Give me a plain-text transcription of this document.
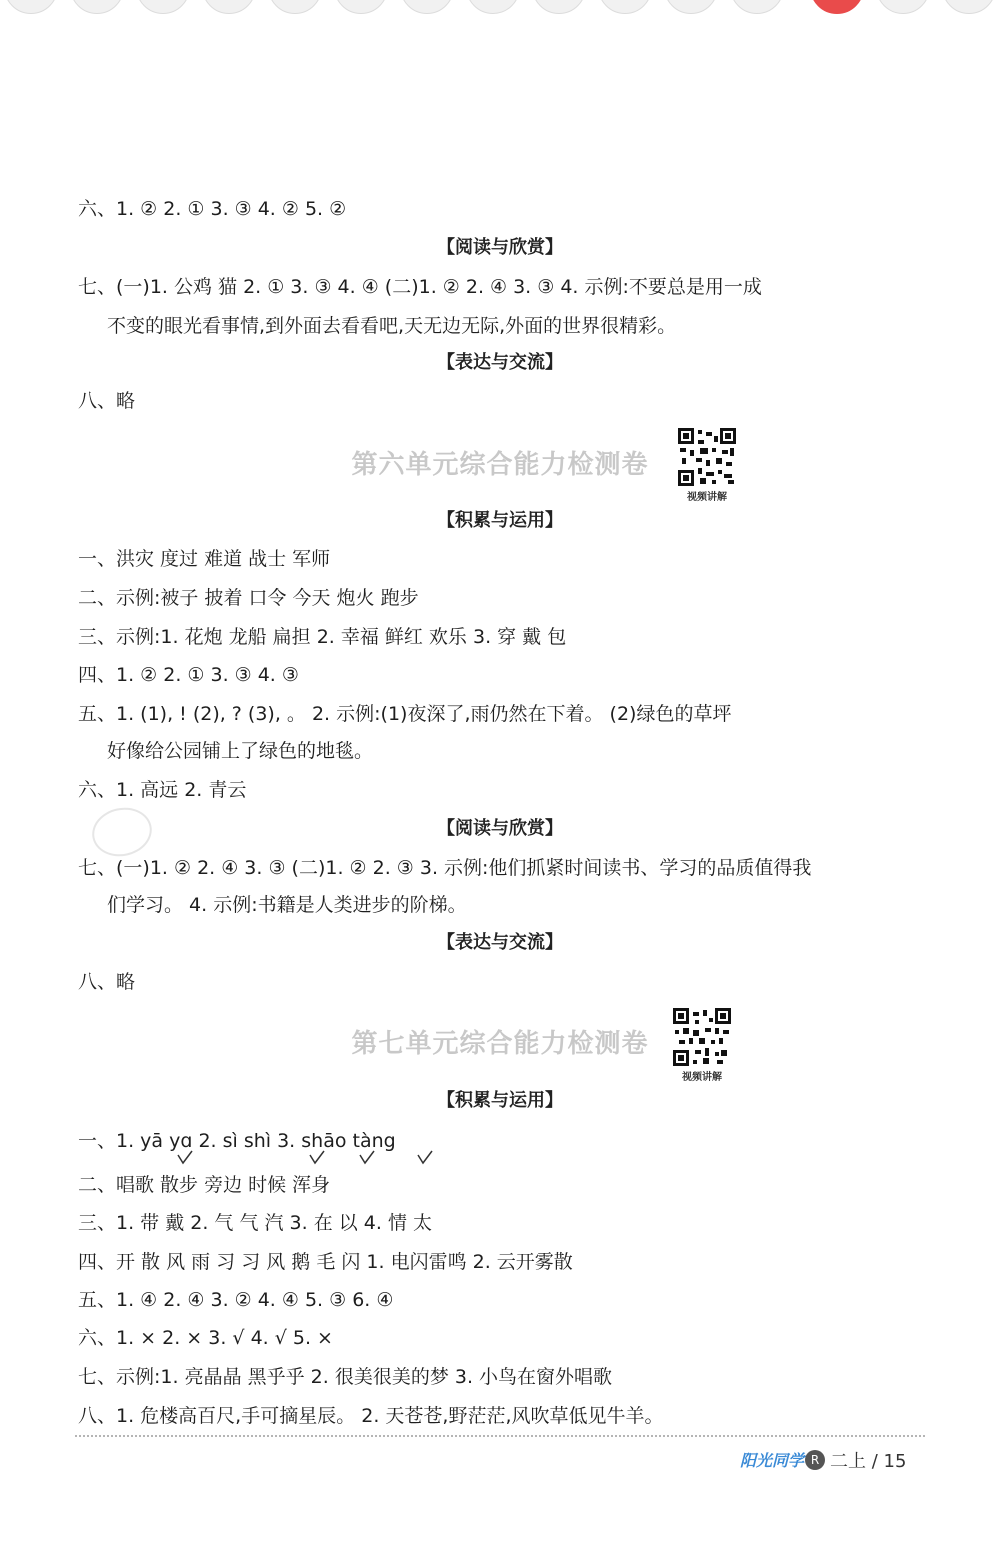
六、1. ② 2. ① 3. ③ 4. ② 5. ②
【阅读与欣赏】
七、(一)1. 公鸡 猫 2. ① 3. ③ 4. ④ (二)1. ② 2. ④ 3. ③ 4. 示例:不要总是用一成
不变的眼光看事情,到外面去看看吧,天无边无际,外面的世界很精彩。
【表达与交流】
八、略
第六单元综合能力检测卷
视频讲解
【积累与运用】
一、洪灾 度过 难道 战士 军师
二、示例:被子 披着 口令 今天 炮火 跑步
三、示例:1. 花炮 龙船 扁担 2. 幸福 鲜红 欢乐 3. 穿 戴 包
四、1. ② 2. ① 3. ③ 4. ③
五、1. (1), ! (2), ? (3), 。 2. 示例:(1)夜深了,雨仍然在下着。 (2)绿色的草坪
好像给公园铺上了绿色的地毯。
六、1. 高远 2. 青云
【阅读与欣赏】
七、(一)1. ② 2. ④ 3. ③ (二)1. ② 2. ③ 3. 示例:他们抓紧时间读书、学习的品质值得我
们学习。 4. 示例:书籍是人类进步的阶梯。
【表达与交流】
八、略
第七单元综合能力检测卷
视频讲解
【积累与运用】
一、1. yā yɑ 2. sì shì 3. shāo tàng
二、唱歌 散步 旁边 时候 浑身
三、1. 带 戴 2. 气 气 汽 3. 在 以 4. 情 太
四、开 散 风 雨 习 习 风 鹅 毛 闪 1. 电闪雷鸣 2. 云开雾散
五、1. ④ 2. ④ 3. ② 4. ④ 5. ③ 6. ④
六、1. × 2. × 3. √ 4. √ 5. ×
七、示例:1. 亮晶晶 黑乎乎 2. 很美很美的梦 3. 小鸟在窗外唱歌
八、1. 危楼高百尺,手可摘星辰。 2. 天苍苍,野茫茫,风吹草低见牛羊。
阳光同学 R 二上 / 15
